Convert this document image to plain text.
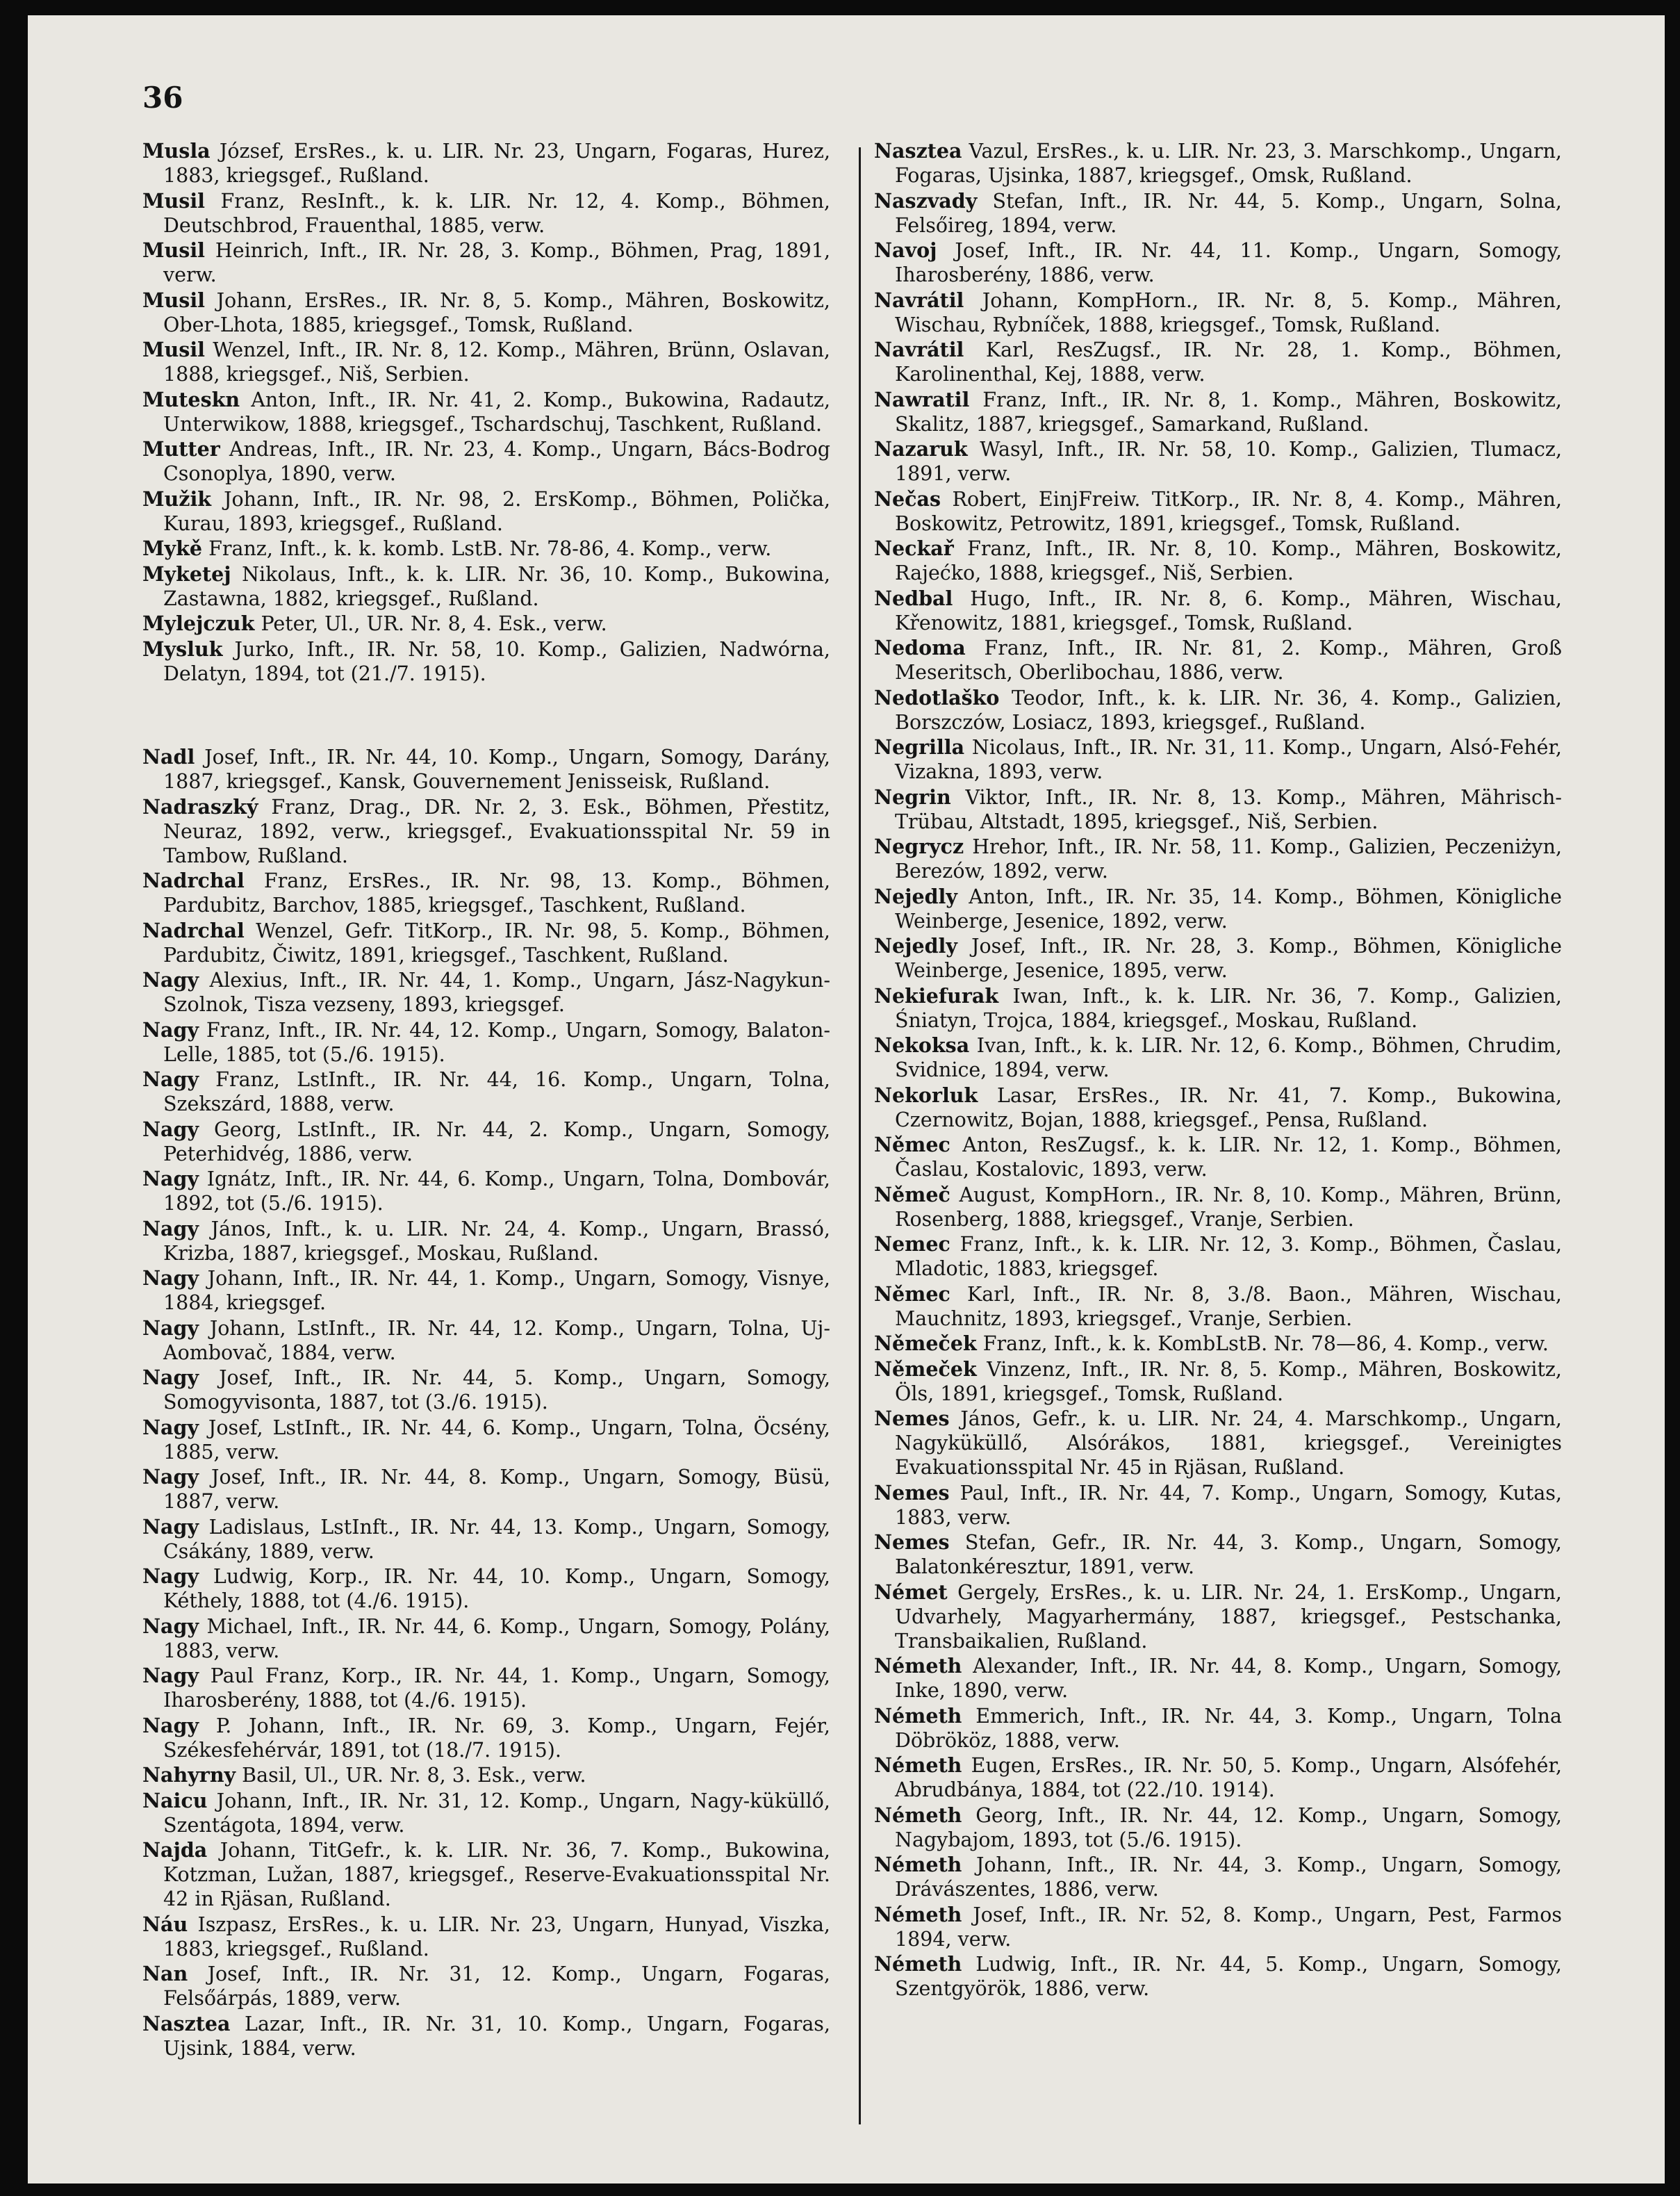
36
Musla József, ErsRes., k. u. LIR. Nr. 23, Ungarn, Fogaras, Hurez, 1883, kriegsgef., Rußland.
Musil Franz, ResInft., k. k. LIR. Nr. 12, 4. Komp., Böhmen, Deutschbrod, Frauenthal, 1885, verw.
Musil Heinrich, Inft., IR. Nr. 28, 3. Komp., Böhmen, Prag, 1891, verw.
Musil Johann, ErsRes., IR. Nr. 8, 5. Komp., Mähren, Boskowitz, Ober-Lhota, 1885, kriegsgef., Tomsk, Rußland.
Musil Wenzel, Inft., IR. Nr. 8, 12. Komp., Mähren, Brünn, Oslavan, 1888, kriegsgef., Niš, Serbien.
Muteskn Anton, Inft., IR. Nr. 41, 2. Komp., Bukowina, Radautz, Unterwikow, 1888, kriegsgef., Tschardschuj, Taschkent, Rußland.
Mutter Andreas, Inft., IR. Nr. 23, 4. Komp., Ungarn, Bács-Bodrog Csonoplya, 1890, verw.
Mužik Johann, Inft., IR. Nr. 98, 2. ErsKomp., Böhmen, Polička, Kurau, 1893, kriegsgef., Rußland.
Mykě Franz, Inft., k. k. komb. LstB. Nr. 78-86, 4. Komp., verw.
Myketej Nikolaus, Inft., k. k. LIR. Nr. 36, 10. Komp., Bukowina, Zastawna, 1882, kriegsgef., Rußland.
Mylejczuk Peter, Ul., UR. Nr. 8, 4. Esk., verw.
Mysluk Jurko, Inft., IR. Nr. 58, 10. Komp., Galizien, Nadwórna, Delatyn, 1894, tot (21./7. 1915).
Nadl Josef, Inft., IR. Nr. 44, 10. Komp., Ungarn, Somogy, Darány, 1887, kriegsgef., Kansk, Gouvernement Jenisseisk, Rußland.
Nadraszký Franz, Drag., DR. Nr. 2, 3. Esk., Böhmen, Přestitz, Neuraz, 1892, verw., kriegsgef., Evakuationsspital Nr. 59 in Tambow, Rußland.
Nadrchal Franz, ErsRes., IR. Nr. 98, 13. Komp., Böhmen, Pardubitz, Barchov, 1885, kriegsgef., Taschkent, Rußland.
Nadrchal Wenzel, Gefr. TitKorp., IR. Nr. 98, 5. Komp., Böhmen, Pardubitz, Čiwitz, 1891, kriegsgef., Taschkent, Rußland.
Nagy Alexius, Inft., IR. Nr. 44, 1. Komp., Ungarn, Jász-Nagykun-Szolnok, Tisza vezseny, 1893, kriegsgef.
Nagy Franz, Inft., IR. Nr. 44, 12. Komp., Ungarn, Somogy, Balaton-Lelle, 1885, tot (5./6. 1915).
Nagy Franz, LstInft., IR. Nr. 44, 16. Komp., Ungarn, Tolna, Szekszárd, 1888, verw.
Nagy Georg, LstInft., IR. Nr. 44, 2. Komp., Ungarn, Somogy, Peterhidvég, 1886, verw.
Nagy Ignátz, Inft., IR. Nr. 44, 6. Komp., Ungarn, Tolna, Dombovár, 1892, tot (5./6. 1915).
Nagy János, Inft., k. u. LIR. Nr. 24, 4. Komp., Ungarn, Brassó, Krizba, 1887, kriegsgef., Moskau, Rußland.
Nagy Johann, Inft., IR. Nr. 44, 1. Komp., Ungarn, Somogy, Visnye, 1884, kriegsgef.
Nagy Johann, LstInft., IR. Nr. 44, 12. Komp., Ungarn, Tolna, Uj-Aombovač, 1884, verw.
Nagy Josef, Inft., IR. Nr. 44, 5. Komp., Ungarn, Somogy, Somogyvisonta, 1887, tot (3./6. 1915).
Nagy Josef, LstInft., IR. Nr. 44, 6. Komp., Ungarn, Tolna, Öcsény, 1885, verw.
Nagy Josef, Inft., IR. Nr. 44, 8. Komp., Ungarn, Somogy, Büsü, 1887, verw.
Nagy Ladislaus, LstInft., IR. Nr. 44, 13. Komp., Ungarn, Somogy, Csákány, 1889, verw.
Nagy Ludwig, Korp., IR. Nr. 44, 10. Komp., Ungarn, Somogy, Kéthely, 1888, tot (4./6. 1915).
Nagy Michael, Inft., IR. Nr. 44, 6. Komp., Ungarn, Somogy, Polány, 1883, verw.
Nagy Paul Franz, Korp., IR. Nr. 44, 1. Komp., Ungarn, Somogy, Iharosberény, 1888, tot (4./6. 1915).
Nagy P. Johann, Inft., IR. Nr. 69, 3. Komp., Ungarn, Fejér, Székesfehérvár, 1891, tot (18./7. 1915).
Nahyrny Basil, Ul., UR. Nr. 8, 3. Esk., verw.
Naicu Johann, Inft., IR. Nr. 31, 12. Komp., Ungarn, Nagy-küküllő, Szentágota, 1894, verw.
Najda Johann, TitGefr., k. k. LIR. Nr. 36, 7. Komp., Bukowina, Kotzman, Lužan, 1887, kriegsgef., Reserve-Evakuationsspital Nr. 42 in Rjäsan, Rußland.
Náu Iszpasz, ErsRes., k. u. LIR. Nr. 23, Ungarn, Hunyad, Viszka, 1883, kriegsgef., Rußland.
Nan Josef, Inft., IR. Nr. 31, 12. Komp., Ungarn, Fogaras, Felsőárpás, 1889, verw.
Nasztea Lazar, Inft., IR. Nr. 31, 10. Komp., Ungarn, Fogaras, Ujsink, 1884, verw.
Nasztea Vazul, ErsRes., k. u. LIR. Nr. 23, 3. Marschkomp., Ungarn, Fogaras, Ujsinka, 1887, kriegsgef., Omsk, Rußland.
Naszvady Stefan, Inft., IR. Nr. 44, 5. Komp., Ungarn, Solna, Felsőireg, 1894, verw.
Navoj Josef, Inft., IR. Nr. 44, 11. Komp., Ungarn, Somogy, Iharosberény, 1886, verw.
Navrátil Johann, KompHorn., IR. Nr. 8, 5. Komp., Mähren, Wischau, Rybníček, 1888, kriegsgef., Tomsk, Rußland.
Navrátil Karl, ResZugsf., IR. Nr. 28, 1. Komp., Böhmen, Karolinenthal, Kej, 1888, verw.
Nawratil Franz, Inft., IR. Nr. 8, 1. Komp., Mähren, Boskowitz, Skalitz, 1887, kriegsgef., Samarkand, Rußland.
Nazaruk Wasyl, Inft., IR. Nr. 58, 10. Komp., Galizien, Tlumacz, 1891, verw.
Nečas Robert, EinjFreiw. TitKorp., IR. Nr. 8, 4. Komp., Mähren, Boskowitz, Petrowitz, 1891, kriegsgef., Tomsk, Rußland.
Neckař Franz, Inft., IR. Nr. 8, 10. Komp., Mähren, Boskowitz, Rajećko, 1888, kriegsgef., Niš, Serbien.
Nedbal Hugo, Inft., IR. Nr. 8, 6. Komp., Mähren, Wischau, Křenowitz, 1881, kriegsgef., Tomsk, Rußland.
Nedoma Franz, Inft., IR. Nr. 81, 2. Komp., Mähren, Groß Meseritsch, Oberlibochau, 1886, verw.
Nedotlaško Teodor, Inft., k. k. LIR. Nr. 36, 4. Komp., Galizien, Borszczów, Losiacz, 1893, kriegsgef., Rußland.
Negrilla Nicolaus, Inft., IR. Nr. 31, 11. Komp., Ungarn, Alsó-Fehér, Vizakna, 1893, verw.
Negrin Viktor, Inft., IR. Nr. 8, 13. Komp., Mähren, Mährisch-Trübau, Altstadt, 1895, kriegsgef., Niš, Serbien.
Negrycz Hrehor, Inft., IR. Nr. 58, 11. Komp., Galizien, Peczeniżyn, Berezów, 1892, verw.
Nejedly Anton, Inft., IR. Nr. 35, 14. Komp., Böhmen, Königliche Weinberge, Jesenice, 1892, verw.
Nejedly Josef, Inft., IR. Nr. 28, 3. Komp., Böhmen, Königliche Weinberge, Jesenice, 1895, verw.
Nekiefurak Iwan, Inft., k. k. LIR. Nr. 36, 7. Komp., Galizien, Śniatyn, Trojca, 1884, kriegsgef., Moskau, Rußland.
Nekoksa Ivan, Inft., k. k. LIR. Nr. 12, 6. Komp., Böhmen, Chrudim, Svidnice, 1894, verw.
Nekorluk Lasar, ErsRes., IR. Nr. 41, 7. Komp., Bukowina, Czernowitz, Bojan, 1888, kriegsgef., Pensa, Rußland.
Němec Anton, ResZugsf., k. k. LIR. Nr. 12, 1. Komp., Böhmen, Časlau, Kostalovic, 1893, verw.
Němeč August, KompHorn., IR. Nr. 8, 10. Komp., Mähren, Brünn, Rosenberg, 1888, kriegsgef., Vranje, Serbien.
Nemec Franz, Inft., k. k. LIR. Nr. 12, 3. Komp., Böhmen, Časlau, Mladotic, 1883, kriegsgef.
Němec Karl, Inft., IR. Nr. 8, 3./8. Baon., Mähren, Wischau, Mauchnitz, 1893, kriegsgef., Vranje, Serbien.
Němeček Franz, Inft., k. k. KombLstB. Nr. 78—86, 4. Komp., verw.
Němeček Vinzenz, Inft., IR. Nr. 8, 5. Komp., Mähren, Boskowitz, Öls, 1891, kriegsgef., Tomsk, Rußland.
Nemes János, Gefr., k. u. LIR. Nr. 24, 4. Marschkomp., Ungarn, Nagyküküllő, Alsórákos, 1881, kriegsgef., Vereinigtes Evakuationsspital Nr. 45 in Rjäsan, Rußland.
Nemes Paul, Inft., IR. Nr. 44, 7. Komp., Ungarn, Somogy, Kutas, 1883, verw.
Nemes Stefan, Gefr., IR. Nr. 44, 3. Komp., Ungarn, Somogy, Balatonkéresztur, 1891, verw.
Német Gergely, ErsRes., k. u. LIR. Nr. 24, 1. ErsKomp., Ungarn, Udvarhely, Magyarhermány, 1887, kriegsgef., Pestschanka, Transbaikalien, Rußland.
Németh Alexander, Inft., IR. Nr. 44, 8. Komp., Ungarn, Somogy, Inke, 1890, verw.
Németh Emmerich, Inft., IR. Nr. 44, 3. Komp., Ungarn, Tolna Döbrököz, 1888, verw.
Németh Eugen, ErsRes., IR. Nr. 50, 5. Komp., Ungarn, Alsófehér, Abrudbánya, 1884, tot (22./10. 1914).
Németh Georg, Inft., IR. Nr. 44, 12. Komp., Ungarn, Somogy, Nagybajom, 1893, tot (5./6. 1915).
Németh Johann, Inft., IR. Nr. 44, 3. Komp., Ungarn, Somogy, Drávászentes, 1886, verw.
Németh Josef, Inft., IR. Nr. 52, 8. Komp., Ungarn, Pest, Farmos 1894, verw.
Németh Ludwig, Inft., IR. Nr. 44, 5. Komp., Ungarn, Somogy, Szentgyörök, 1886, verw.
